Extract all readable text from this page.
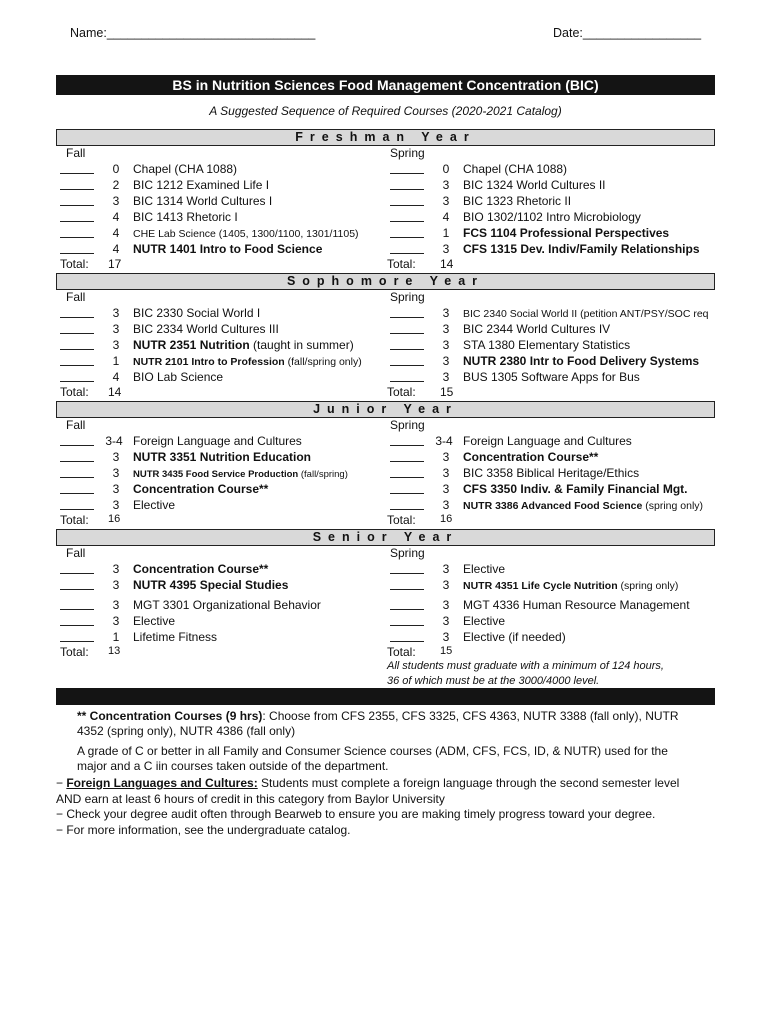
Name:______________________________	Date:_________________
BS in Nutrition Sciences Food Management Concentration (BIC)
A Suggested Sequence of Required Courses (2020-2021 Catalog)
Freshman Year
Fall
0	Chapel (CHA 1088)
2	BIC 1212 Examined Life I
3	BIC 1314 World Cultures I
4	BIC 1413 Rhetoric I
4	CHE Lab Science (1405, 1300/1100, 1301/1105)
4	NUTR 1401 Intro to Food Science
Total: 17
Spring
0	Chapel (CHA 1088)
3	BIC 1324 World Cultures II
3	BIC 1323 Rhetoric II
4	BIO 1302/1102 Intro Microbiology
1	FCS 1104 Professional Perspectives
3	CFS 1315 Dev. Indiv/Family Relationships
Total: 14
Sophomore Year
Fall
3	BIC 2330 Social World I
3	BIC 2334 World Cultures III
3	NUTR 2351 Nutrition (taught in summer)
1	NUTR 2101 Intro to Profession (fall/spring only)
4	BIO Lab Science
Total: 14
Spring
3	BIC 2340 Social World II (petition ANT/PSY/SOC req
3	BIC 2344 World Cultures IV
3	STA 1380 Elementary Statistics
3	NUTR 2380 Intr to Food Delivery Systems
3	BUS 1305 Software Apps for Bus
Total: 15
Junior Year
Fall
3-4 Foreign Language and Cultures
3	NUTR 3351 Nutrition Education
3	NUTR 3435 Food Service Production (fall/spring)
3	Concentration Course**
3	Elective
Total: 16
Spring
3-4 Foreign Language and Cultures
3	Concentration Course**
3	BIC 3358 Biblical Heritage/Ethics
3	CFS 3350 Indiv. & Family Financial Mgt.
3	NUTR 3386 Advanced Food Science (spring only)
Total: 16
Senior Year
Fall
3	Concentration Course**
3	NUTR 4395 Special Studies
3	MGT 3301 Organizational Behavior
3	Elective
1	Lifetime Fitness
Total: 13
Spring
3	Elective
3	NUTR 4351 Life Cycle Nutrition (spring only)
3	MGT 4336 Human Resource Management
3	Elective
3	Elective (if needed)
Total: 15
All students must graduate with a minimum of 124 hours,
36 of which must be at the 3000/4000 level.
** Concentration Courses (9 hrs): Choose from CFS 2355, CFS 3325, CFS 4363, NUTR 3388 (fall only), NUTR
4352 (spring only), NUTR 4386 (fall only)
A grade of C or better in all Family and Consumer Science courses (ADM, CFS, FCS, ID, & NUTR) used for the
major and a C iin courses taken outside of the department.
− Foreign Languages and Cultures: Students must complete a foreign language through the second semester level
AND earn at least 6 hours of credit in this category from Baylor University
− Check your degree audit often through Bearweb to ensure you are making timely progress toward your degree.
− For more information, see the undergraduate catalog.
